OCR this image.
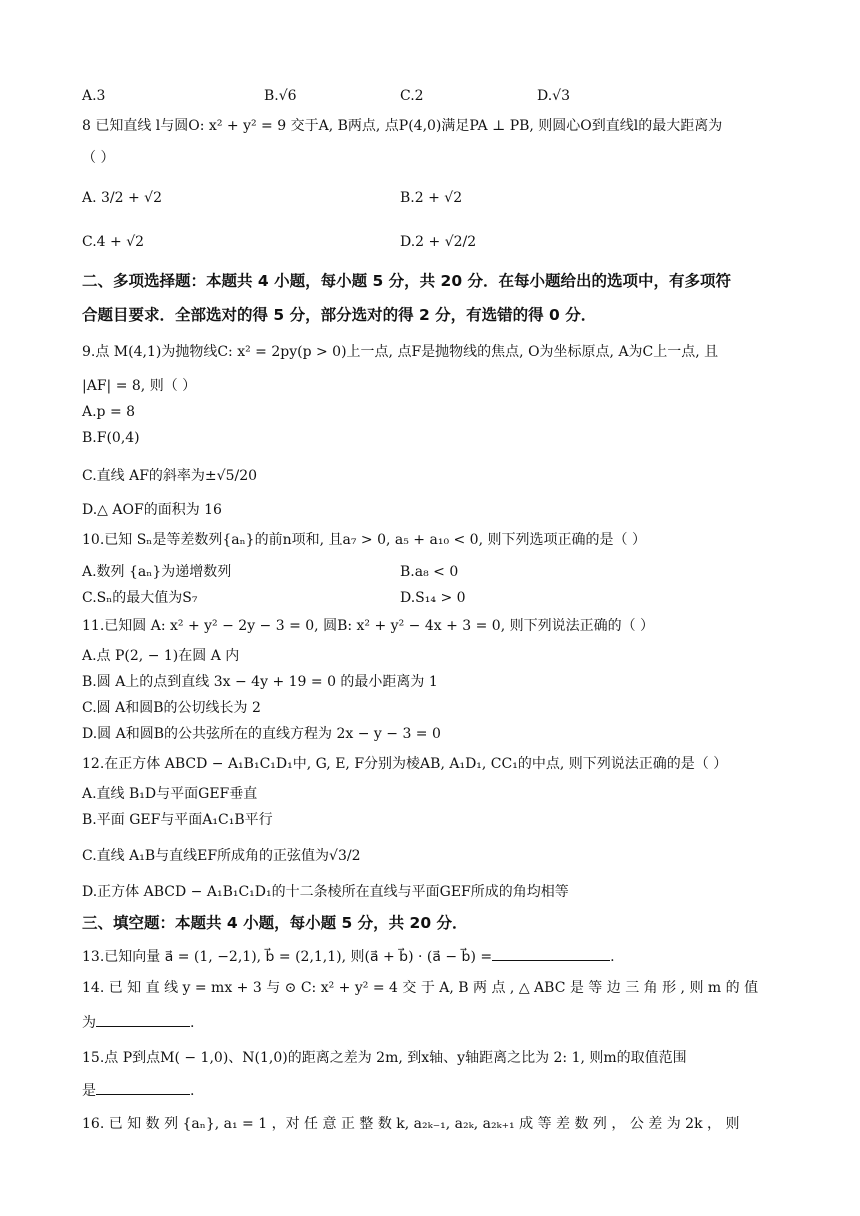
A.3	B.√6	C.2	D.√3
8 已知直线 l与圆O: x² + y² = 9 交于A, B两点, 点P(4,0)满足PA ⊥ PB, 则圆心O到直线l的最大距离为
（ ）
A. 3/2 + √2	B.2 + √2
C.4 + √2	D.2 + √2/2
二、多项选择题：本题共 4 小题，每小题 5 分，共 20 分．在每小题给出的选项中，有多项符
合题目要求．全部选对的得 5 分，部分选对的得 2 分，有选错的得 0 分．
9.点 M(4,1)为抛物线C: x² = 2py(p > 0)上一点, 点F是抛物线的焦点, O为坐标原点, A为C上一点, 且
|AF| = 8, 则（ ）
A.p = 8
B.F(0,4)
C.直线 AF的斜率为±√5/20
D.△ AOF的面积为 16
10.已知 Sₙ是等差数列{aₙ}的前n项和, 且a₇ > 0, a₅ + a₁₀ < 0, 则下列选项正确的是（ ）
A.数列 {aₙ}为递增数列	B.a₈ < 0
C.Sₙ的最大值为S₇	D.S₁₄ > 0
11.已知圆 A: x² + y² − 2y − 3 = 0, 圆B: x² + y² − 4x + 3 = 0, 则下列说法正确的（ ）
A.点 P(2, − 1)在圆 A 内
B.圆 A上的点到直线 3x − 4y + 19 = 0 的最小距离为 1
C.圆 A和圆B的公切线长为 2
D.圆 A和圆B的公共弦所在的直线方程为 2x − y − 3 = 0
12.在正方体 ABCD − A₁B₁C₁D₁中, G, E, F分别为棱AB, A₁D₁, CC₁的中点, 则下列说法正确的是（ ）
A.直线 B₁D与平面GEF垂直
B.平面 GEF与平面A₁C₁B平行
C.直线 A₁B与直线EF所成角的正弦值为√3/2
D.正方体 ABCD − A₁B₁C₁D₁的十二条棱所在直线与平面GEF所成的角均相等
三、填空题：本题共 4 小题，每小题 5 分，共 20 分．
13.已知向量 a⃗ = (1, −2,1), b⃗ = (2,1,1), 则(a⃗ + b⃗) · (a⃗ − b⃗) =	.
14. 已 知 直 线 y = mx + 3 与 ⊙ C: x² + y² = 4 交 于 A, B 两 点 , △ ABC 是 等 边 三 角 形 , 则 m 的 值
为	.
15.点 P到点M( − 1,0)、N(1,0)的距离之差为 2m, 到x轴、y轴距离之比为 2: 1, 则m的取值范围
是	.
16. 已 知 数 列 {aₙ}, a₁ = 1 ，对 任 意 正 整 数 k, a₂ₖ₋₁, a₂ₖ, a₂ₖ₊₁ 成 等 差 数 列 ， 公 差 为 2k ， 则
